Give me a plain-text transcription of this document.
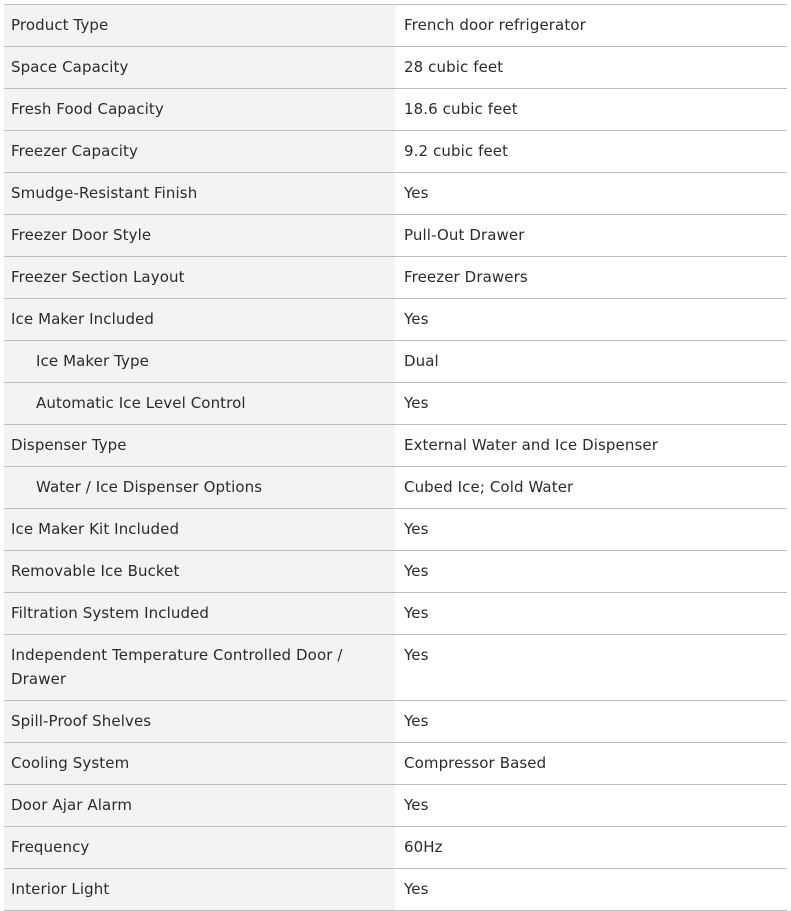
Product Type	French door refrigerator
Space Capacity	28 cubic feet
Fresh Food Capacity	18.6 cubic feet
Freezer Capacity	9.2 cubic feet
Smudge-Resistant Finish	Yes
Freezer Door Style	Pull-Out Drawer
Freezer Section Layout	Freezer Drawers
Ice Maker Included	Yes
Ice Maker Type	Dual
Automatic Ice Level Control	Yes
Dispenser Type	External Water and Ice Dispenser
Water / Ice Dispenser Options	Cubed Ice; Cold Water
Ice Maker Kit Included	Yes
Removable Ice Bucket	Yes
Filtration System Included	Yes
Independent Temperature Controlled Door / Drawer	Yes
Spill-Proof Shelves	Yes
Cooling System	Compressor Based
Door Ajar Alarm	Yes
Frequency	60Hz
Interior Light	Yes
